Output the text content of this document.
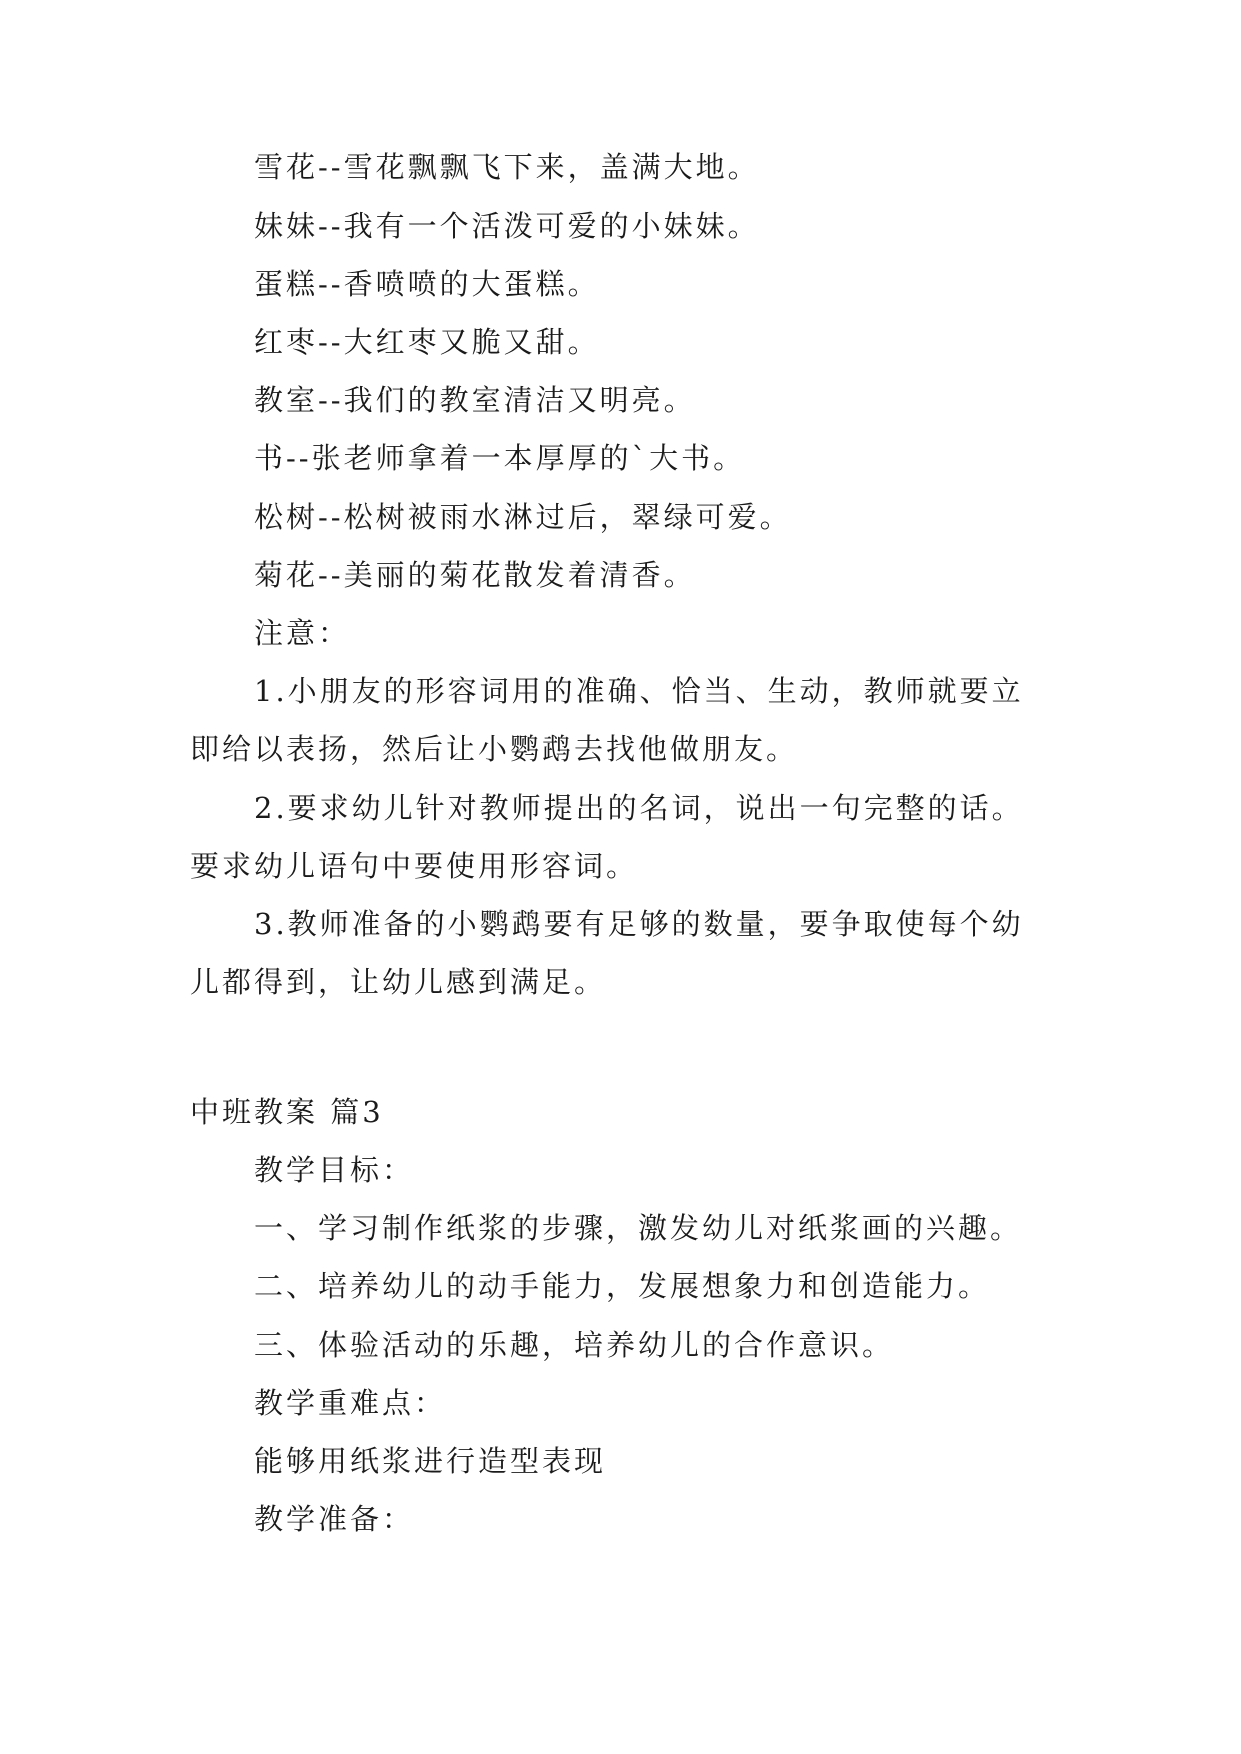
雪花--雪花飘飘飞下来，盖满大地。
妹妹--我有一个活泼可爱的小妹妹。
蛋糕--香喷喷的大蛋糕。
红枣--大红枣又脆又甜。
教室--我们的教室清洁又明亮。
书--张老师拿着一本厚厚的`大书。
松树--松树被雨水淋过后，翠绿可爱。
菊花--美丽的菊花散发着清香。
注意：
1.小朋友的形容词用的准确、恰当、生动，教师就要立
即给以表扬，然后让小鹦鹉去找他做朋友。
2.要求幼儿针对教师提出的名词，说出一句完整的话。
要求幼儿语句中要使用形容词。
3.教师准备的小鹦鹉要有足够的数量，要争取使每个幼
儿都得到，让幼儿感到满足。
中班教案 篇3
教学目标：
一、学习制作纸浆的步骤，激发幼儿对纸浆画的兴趣。
二、培养幼儿的动手能力，发展想象力和创造能力。
三、体验活动的乐趣，培养幼儿的合作意识。
教学重难点：
能够用纸浆进行造型表现
教学准备：
